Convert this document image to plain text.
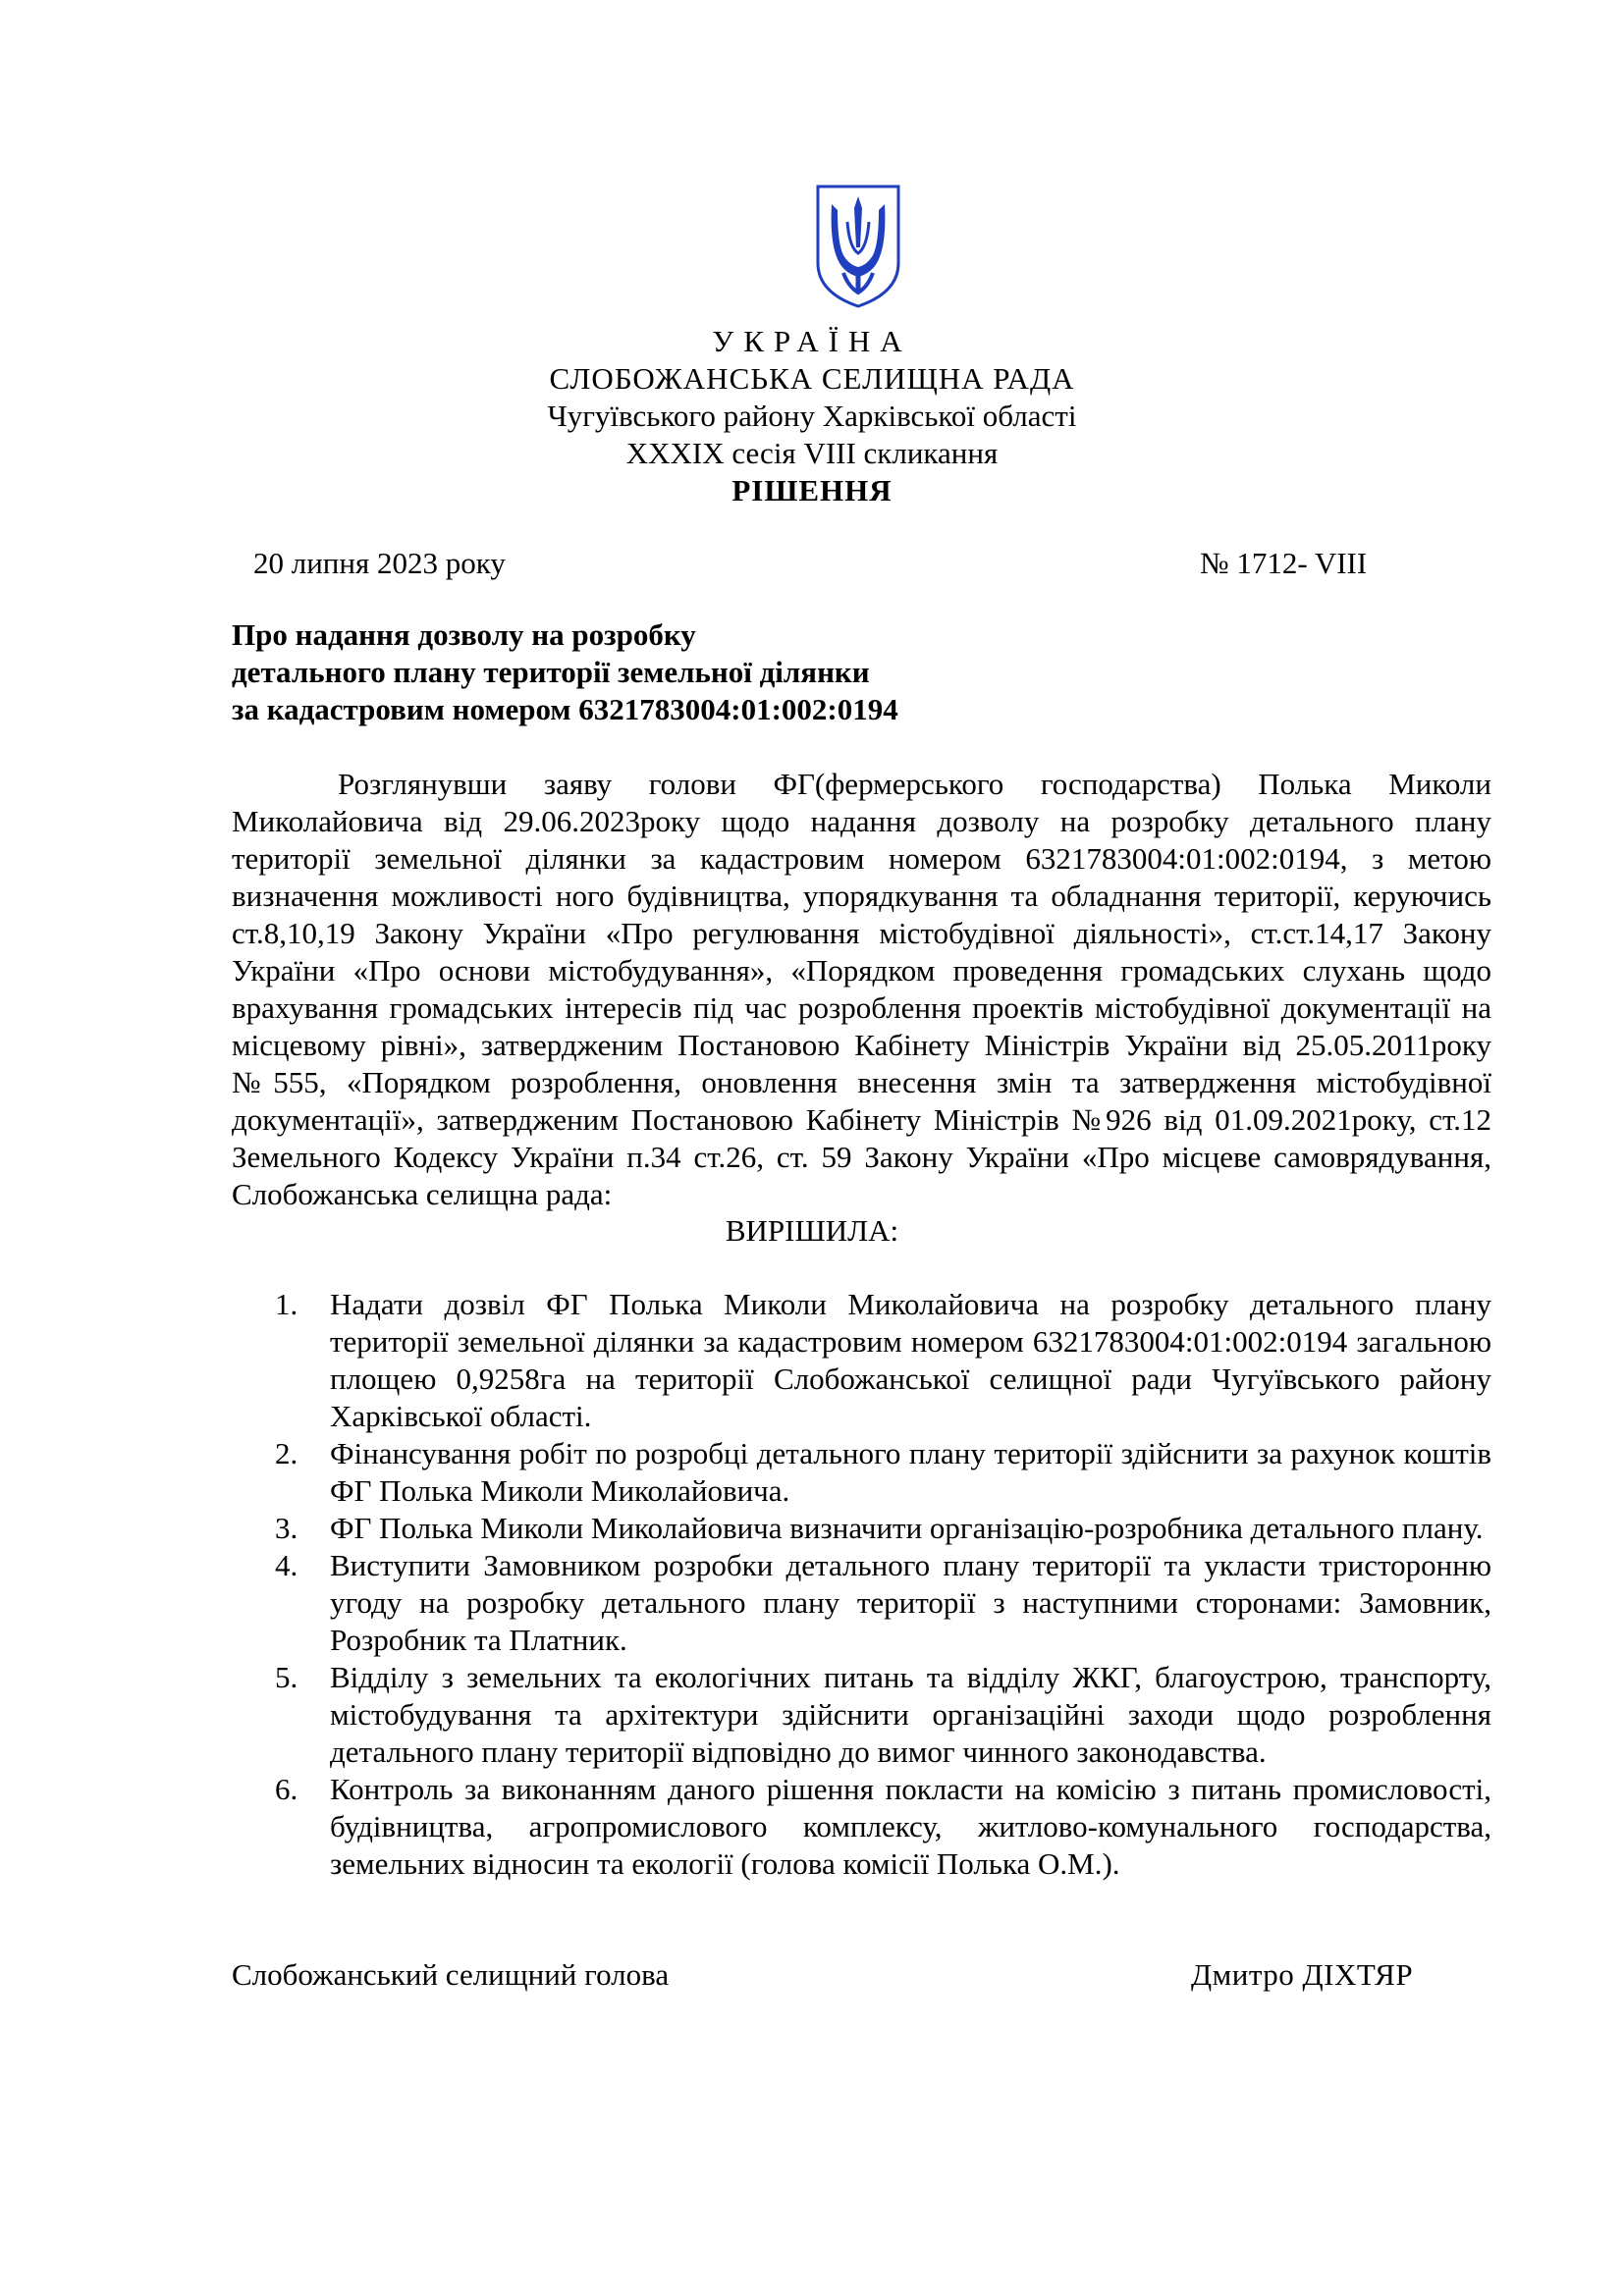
УКРАЇНА
СЛОБОЖАНСЬКА СЕЛИЩНА РАДА
Чугуївського району Харківської області
XXXIX сесія VIII скликання
РІШЕННЯ
20 липня 2023 року	№ 1712- VIII
Про надання дозволу на розробку
детального плану території земельної ділянки
за кадастровим номером 6321783004:01:002:0194

Розглянувши заяву голови ФГ(фермерського господарства) Полька Миколи Миколайовича від 29.06.2023року щодо надання дозволу на розробку детального плану території земельної ділянки за кадастровим номером 6321783004:01:002:0194, з метою визначення можливості ного будівництва, упорядкування та обладнання території, керуючись ст.8,10,19 Закону України «Про регулювання містобудівної діяльності», ст.ст.14,17 Закону України «Про основи містобудування», «Порядком проведення громадських слухань щодо врахування громадських інтересів під час розроблення проектів містобудівної документації на місцевому рівні», затвердженим Постановою Кабінету Міністрів України від 25.05.2011року №555, «Порядком розроблення, оновлення внесення змін та затвердження містобудівної документації», затвердженим Постановою Кабінету Міністрів №926 від 01.09.2021року, ст.12 Земельного Кодексу України п.34 ст.26, ст. 59 Закону України «Про місцеве самоврядування, Слобожанська селищна рада:

ВИРІШИЛА:
1. Надати дозвіл ФГ Полька Миколи Миколайовича на розробку детального плану території земельної ділянки за кадастровим номером 6321783004:01:002:0194 загальною площею 0,9258га на території Слобожанської селищної ради Чугуївського району Харківської області.
2. Фінансування робіт по розробці детального плану території здійснити за рахунок коштів ФГ Полька Миколи Миколайовича.
3. ФГ Полька Миколи Миколайовича визначити організацію-розробника детального плану.
4. Виступити Замовником розробки детального плану території та укласти тристоронню угоду на розробку детального плану території з наступними сторонами: Замовник, Розробник та Платник.
5. Відділу з земельних та екологічних питань та відділу ЖКГ, благоустрою, транспорту, містобудування та архітектури здійснити організаційні заходи щодо розроблення детального плану території відповідно до вимог чинного законодавства.
6. Контроль за виконанням даного рішення покласти на комісію з питань промисловості, будівництва, агропромислового комплексу, житлово-комунального господарства, земельних відносин та екології (голова комісії Полька О.М.).
Слобожанський селищний голова	Дмитро ДІХТЯР
